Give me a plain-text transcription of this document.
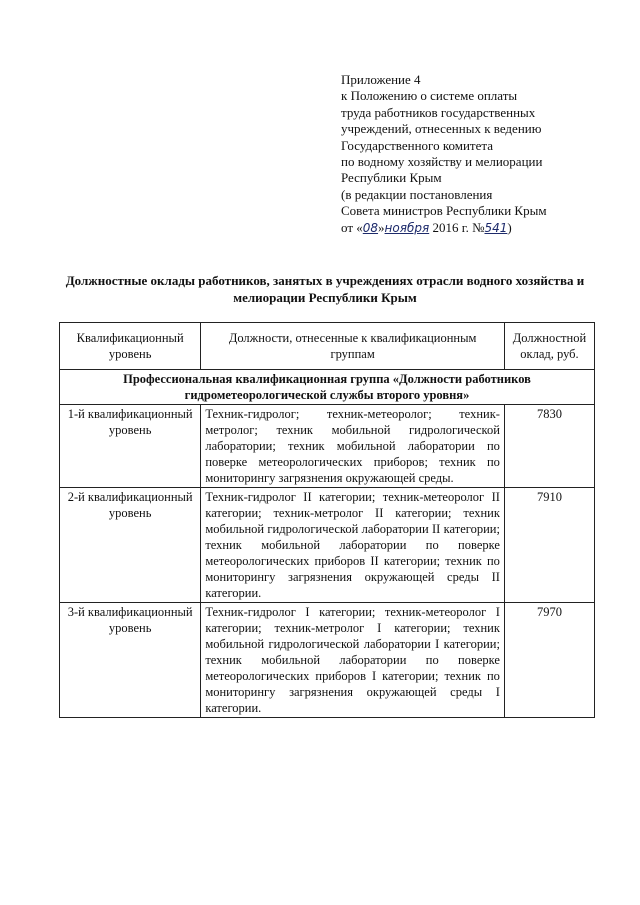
Приложение 4
к Положению о системе оплаты
труда работников государственных
учреждений, отнесенных к ведению
Государственного комитета
по водному хозяйству и мелиорации
Республики Крым
(в редакции постановления
Совета министров Республики Крым
от «08»ноября 2016 г. №541)
Должностные оклады работников, занятых в учреждениях отрасли водного хозяйства и мелиорации Республики Крым
Квалификационный уровень	Должности, отнесенные к квалификационным группам	Должностной оклад, руб.

Профессиональная квалификационная группа «Должности работников гидрометеорологической службы второго уровня»		
1-й квалификационный уровень	Техник-гидролог; техник-метеоролог; техник-метролог; техник мобильной гидрологической лаборатории; техник мобильной лаборатории по поверке метеорологических приборов; техник по мониторингу загрязнения окружающей среды.	7830
2-й квалификационный уровень	Техник-гидролог II категории; техник-метеоролог II категории; техник-метролог II категории; техник мобильной гидрологической лаборатории II категории; техник мобильной лаборатории по поверке метеорологических приборов II категории; техник по мониторингу загрязнения окружающей среды II категории.	7910
3-й квалификационный уровень	Техник-гидролог I категории; техник-метеоролог I категории; техник-метролог I категории; техник мобильной гидрологической лаборатории I категории; техник мобильной лаборатории по поверке метеорологических приборов I категории; техник по мониторингу загрязнения окружающей среды I категории.	7970
